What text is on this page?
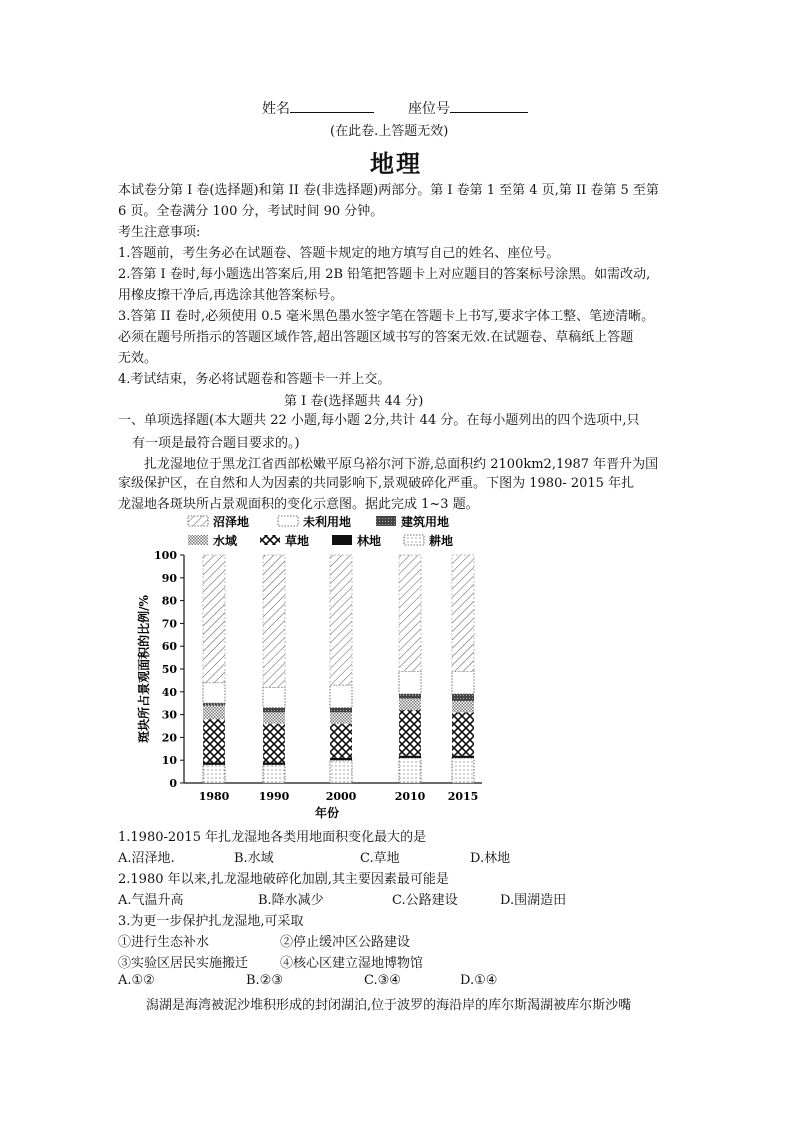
姓名	座位号
(在此卷.上答题无效)
地理
本试卷分第 I 卷(选择题)和第 II 卷(非选择题)两部分。第 I 卷第 1 至第 4 页,第 II 卷第 5 至第
6 页。全卷满分 100 分，考试时间 90 分钟。
考生注意事项:
1.答题前，考生务必在试题卷、答题卡规定的地方填写自己的姓名、座位号。
2.答第 I 卷时,每小题选出答案后,用 2B 铅笔把答题卡上对应题目的答案标号涂黑。如需改动,
用橡皮擦干净后,再选涂其他答案标号。
3.答第 II 卷时,必须使用 0.5 毫米黑色墨水签字笔在答题卡上书写,要求字体工整、笔迹清晰。
必须在题号所指示的答题区域作答,超出答题区域书写的答案无效.在试题卷、草稿纸上答题
无效。
4.考试结束，务必将试题卷和答题卡一并上交。
第 I 卷(选择题共 44 分)
一、单项选择题(本大题共 22 小题,每小题 2分,共计 44 分。在每小题列出的四个选项中,只
有一项是最符合题目要求的。)
扎龙湿地位于黑龙江省西部松嫩平原乌裕尔河下游,总面积约 2100km2,1987 年晋升为国
家级保护区，在自然和人为因素的共同影响下,景观破碎化严重。下图为 1980- 2015 年扎
龙湿地各斑块所占景观面积的变化示意图。据此完成 1~3 题。
沼泽地	未利用地	建筑用地
水域	草地	林地	耕地
0
10
20
30
40
50
60
70
80
90
100
斑块所占景观面积的比例/%
年份
1980	1990	2000	2010 2015
1.1980-2015 年扎龙湿地各类用地面积变化最大的是
A.沼泽地.	B.水域	C.草地	D.林地
2.1980 年以来,扎龙湿地破碎化加剧,其主要因素最可能是
A.气温升高	B.降水减少	C.公路建设	D.围湖造田
3.为更一步保护扎龙湿地,可采取
①进行生态补水	②停止缓冲区公路建设
③实验区居民实施搬迁 ④核心区建立湿地博物馆
A.①②	B.②③	C.③④	D.①④
潟湖是海湾被泥沙堆积形成的封闭湖泊,位于波罗的海沿岸的库尔斯渴湖被库尔斯沙嘴
